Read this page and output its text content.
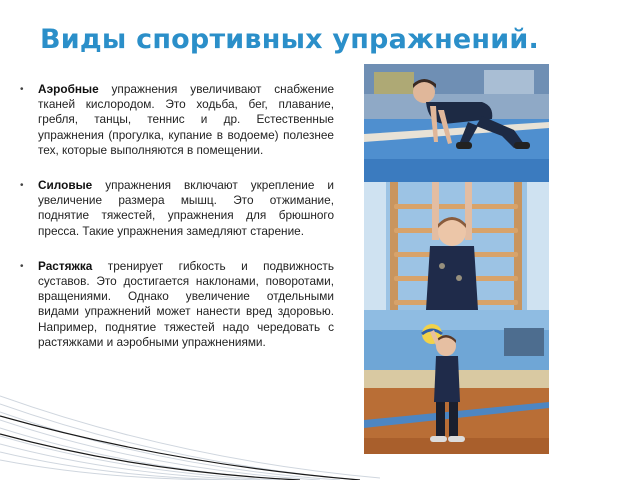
Виды спортивных упражнений.
• Аэробные упражнения увеличивают снабжение тканей кислородом. Это ходьба, бег, плавание, гребля, танцы, теннис и др. Естественные упражнения (прогулка, купание в водоеме) полезнее тех, которые выполняются в помещении.
• Силовые упражнения включают укрепление и увеличение размера мышц. Это отжимание, поднятие тяжестей, упражнения для брюшного пресса. Такие упражнения замедляют старение.
• Растяжка тренирует гибкость и подвижность суставов. Это достигается наклонами, поворотами, вращениями. Однако увеличение отдельными видами упражнений может нанести вред здоровью. Например, поднятие тяжестей надо чередовать с растяжками и аэробными упражнениями.
